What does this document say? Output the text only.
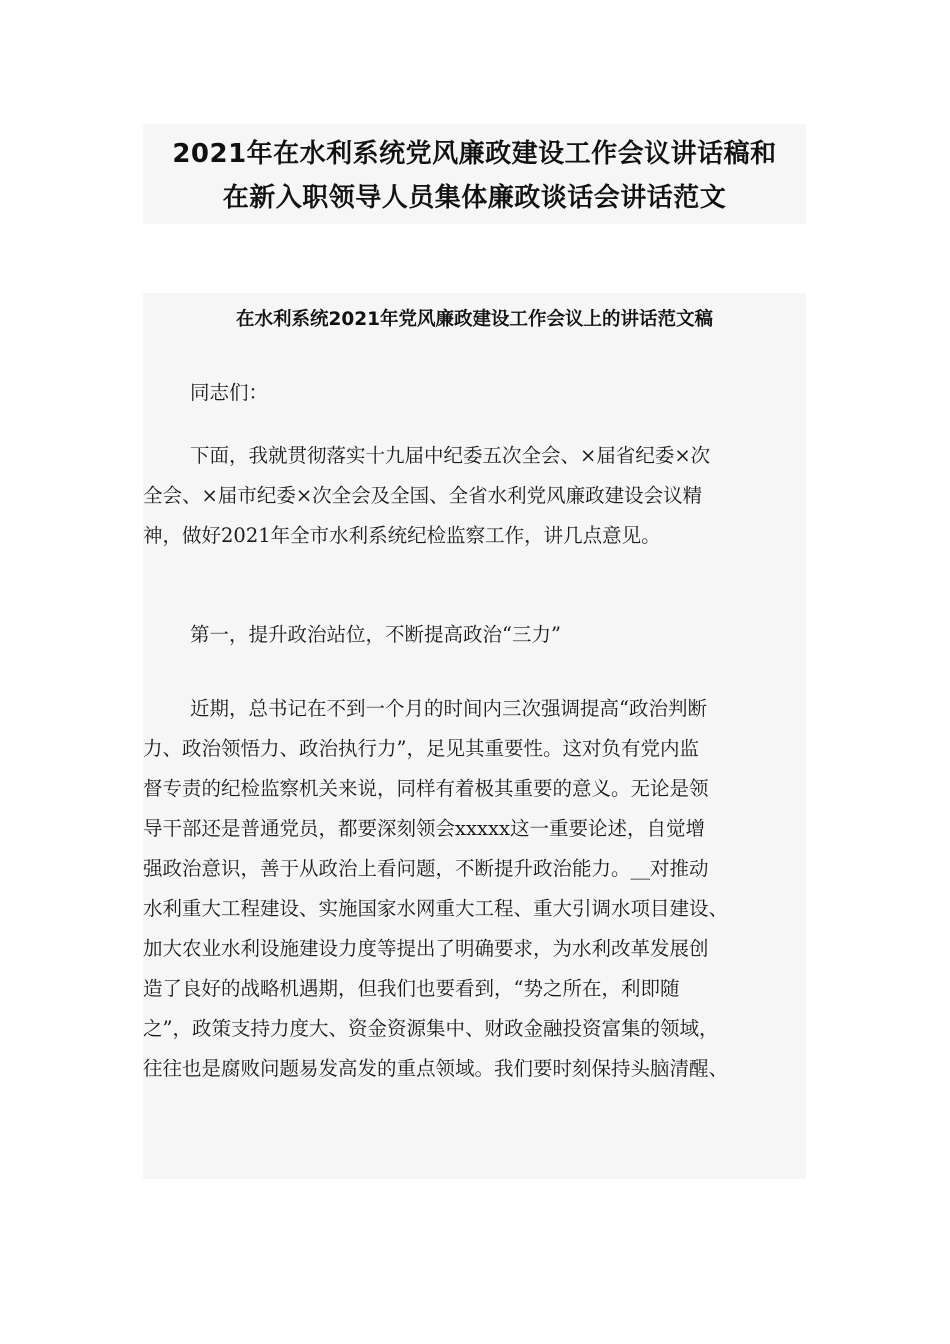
2021年在水利系统党风廉政建设工作会议讲话稿和
在新入职领导人员集体廉政谈话会讲话范文
在水利系统2021年党风廉政建设工作会议上的讲话范文稿

同志们：

下面，我就贯彻落实十九届中纪委五次全会、×届省纪委×次
全会、×届市纪委×次全会及全国、全省水利党风廉政建设会议精
神，做好2021年全市水利系统纪检监察工作，讲几点意见。

第一，提升政治站位，不断提高政治“三力”

近期，总书记在不到一个月的时间内三次强调提高“政治判断
力、政治领悟力、政治执行力”，足见其重要性。这对负有党内监
督专责的纪检监察机关来说，同样有着极其重要的意义。无论是领
导干部还是普通党员，都要深刻领会xxxxx这一重要论述，自觉增
强政治意识，善于从政治上看问题，不断提升政治能力。__对推动
水利重大工程建设、实施国家水网重大工程、重大引调水项目建设、
加大农业水利设施建设力度等提出了明确要求，为水利改革发展创
造了良好的战略机遇期，但我们也要看到，“势之所在，利即随
之”，政策支持力度大、资金资源集中、财政金融投资富集的领域，
往往也是腐败问题易发高发的重点领域。我们要时刻保持头脑清醒、
